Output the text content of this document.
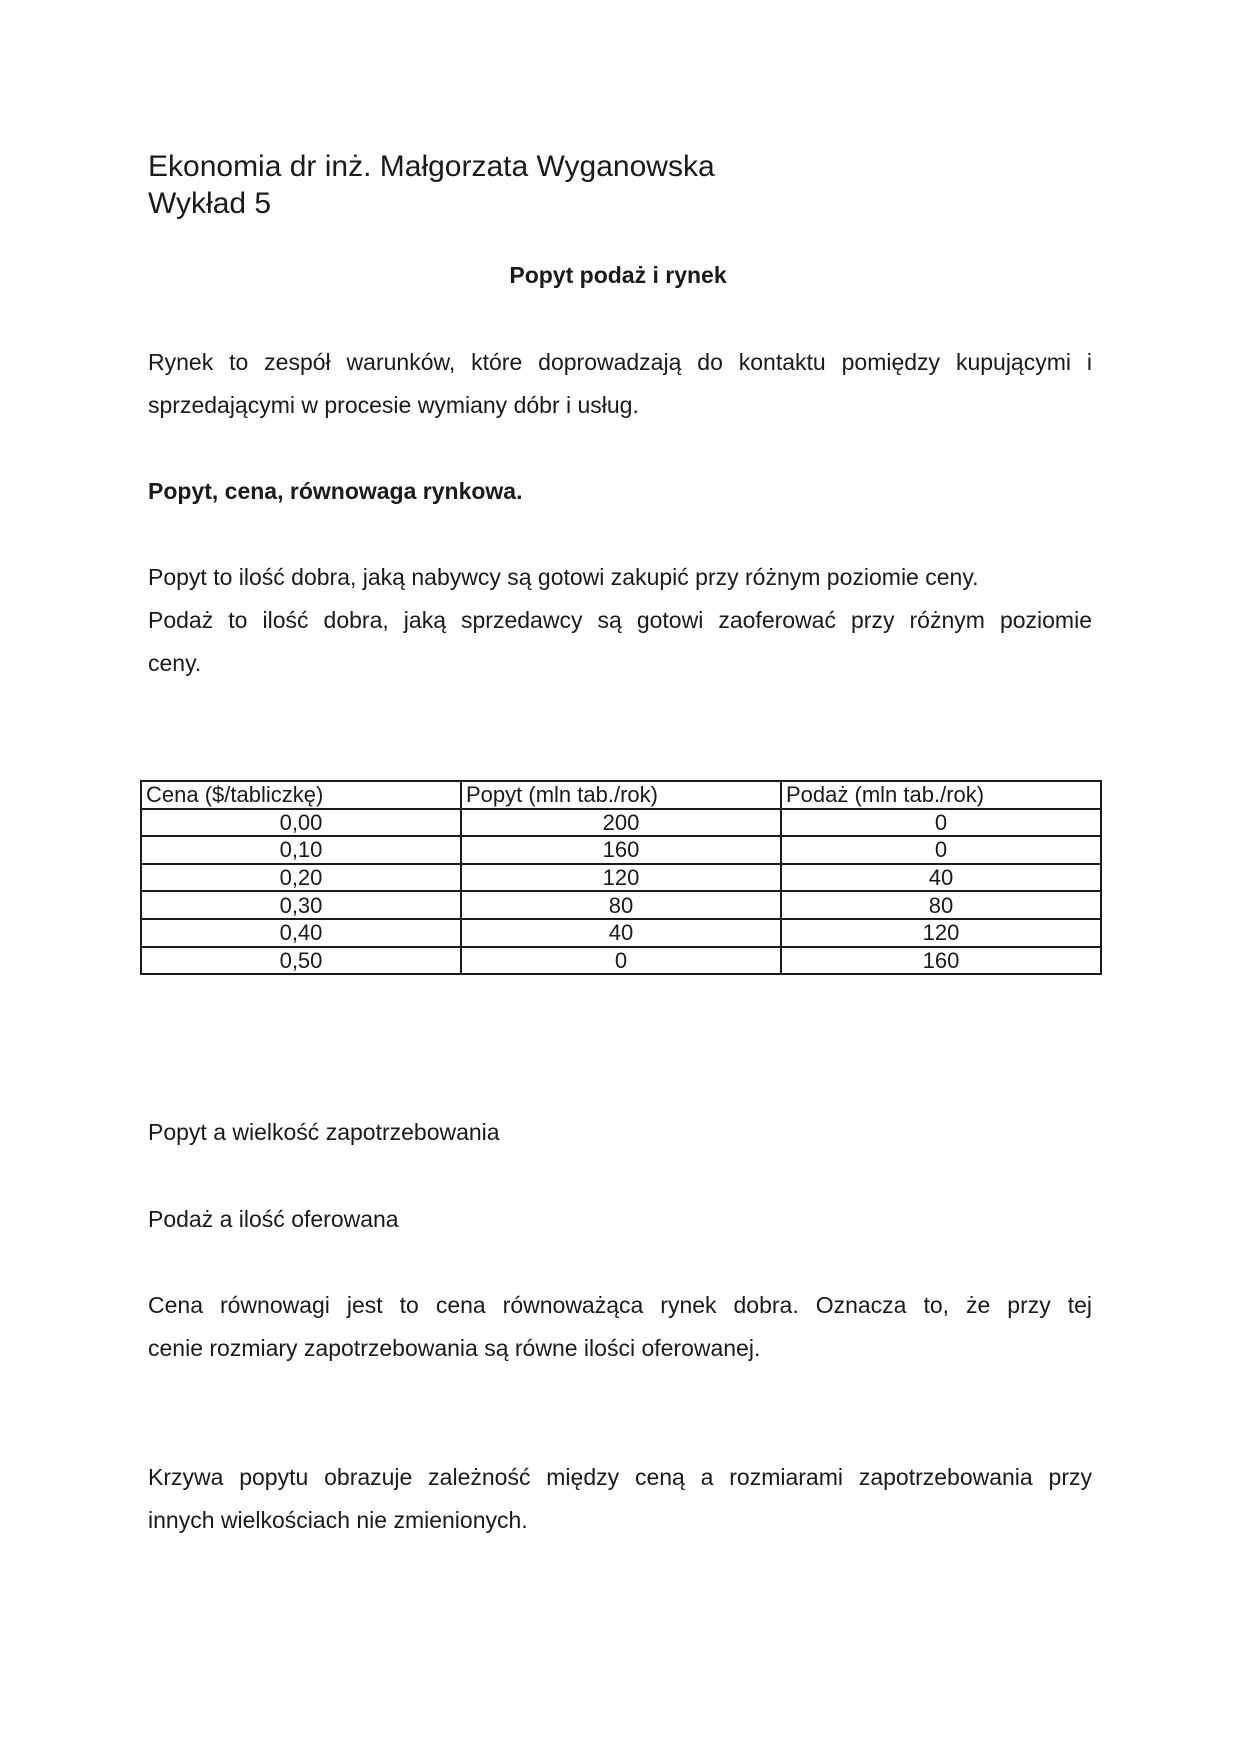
Ekonomia dr inż. Małgorzata Wyganowska
Wykład 5
Popyt podaż i rynek
Rynek to zespół warunków, które doprowadzają do kontaktu pomiędzy kupującymi i
sprzedającymi w procesie wymiany dóbr i usług.
Popyt, cena, równowaga rynkowa.
Popyt to ilość dobra, jaką nabywcy są gotowi zakupić przy różnym poziomie ceny.
Podaż to ilość dobra, jaką sprzedawcy są gotowi zaoferować przy różnym poziomie
ceny.
Cena ($/tabliczkę)	Popyt (mln tab./rok)	Podaż (mln tab./rok)
0,00	200	0
0,10	160	0
0,20	120	40
0,30	80	80
0,40	40	120
0,50	0	160
Popyt a wielkość zapotrzebowania
Podaż a ilość oferowana
Cena równowagi jest to cena równoważąca rynek dobra. Oznacza to, że przy tej
cenie rozmiary zapotrzebowania są równe ilości oferowanej.
Krzywa popytu obrazuje zależność między ceną a rozmiarami zapotrzebowania przy
innych wielkościach nie zmienionych.
